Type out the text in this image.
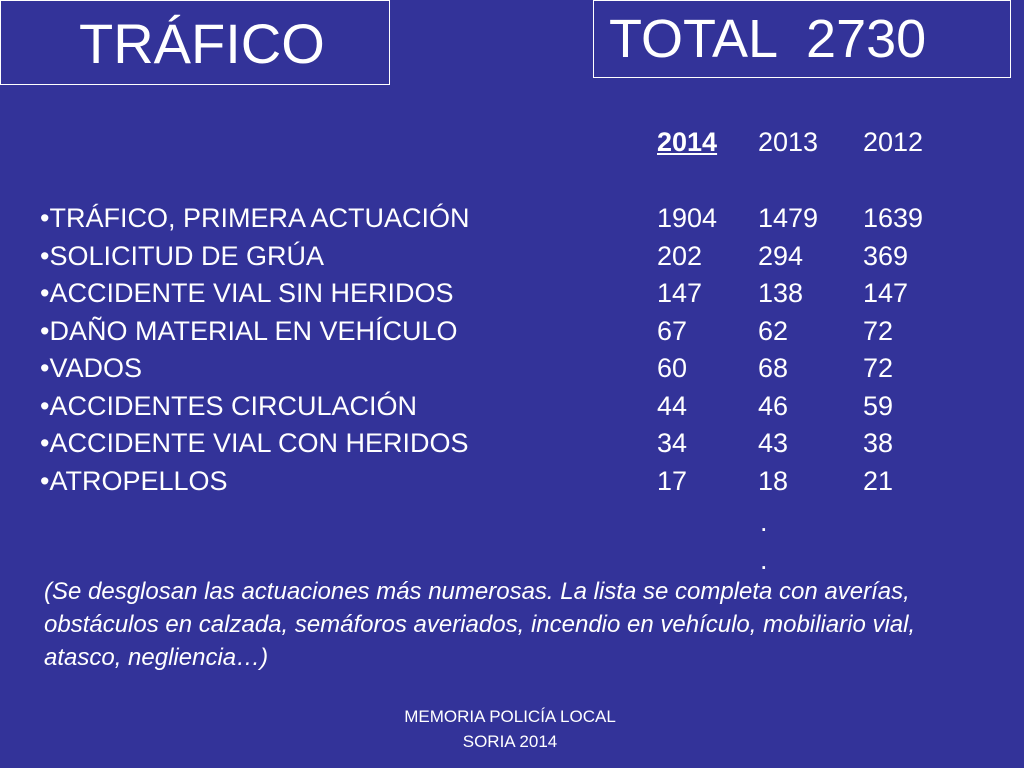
TRÁFICO	TOTAL  2730
2014 2013 2012
•TRÁFICO, PRIMERA ACTUACIÓN	1904 1479 1639
•SOLICITUD DE GRÚA	202 294 369
•ACCIDENTE VIAL SIN HERIDOS	147 138 147
•DAÑO MATERIAL EN VEHÍCULO	67	62	72
•VADOS	60	68	72
•ACCIDENTES CIRCULACIÓN	44	46	59
•ACCIDENTE VIAL CON HERIDOS	34	43	38
•ATROPELLOS	17	18	21
.
.
(Se desglosan las actuaciones más numerosas. La lista se completa con averías, obstáculos en calzada, semáforos averiados, incendio en vehículo, mobiliario vial, atasco, negliencia…)
MEMORIA POLICÍA LOCAL
SORIA 2014
